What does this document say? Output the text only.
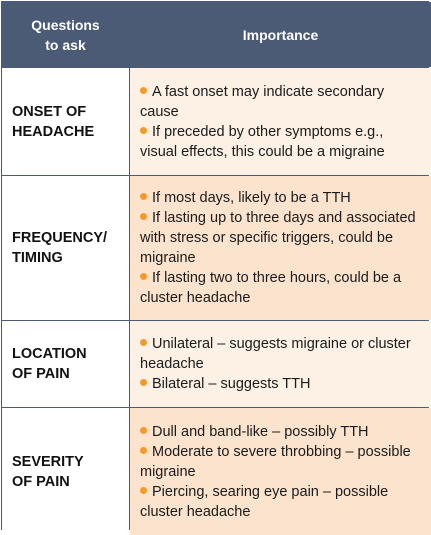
Questions
to ask
Importance
ONSET OF
HEADACHE
A fast onset may indicate secondary cause
If preceded by other symptoms e.g., visual effects, this could be a migraine
FREQUENCY/
TIMING
If most days, likely to be a TTH
If lasting up to three days and associated with stress or specific triggers, could be migraine
If lasting two to three hours, could be a cluster headache
LOCATION
OF PAIN
Unilateral – suggests migraine or cluster headache
Bilateral – suggests TTH
SEVERITY
OF PAIN
Dull and band-like – possibly TTH
Moderate to severe throbbing – possible migraine
Piercing, searing eye pain – possible cluster headache
